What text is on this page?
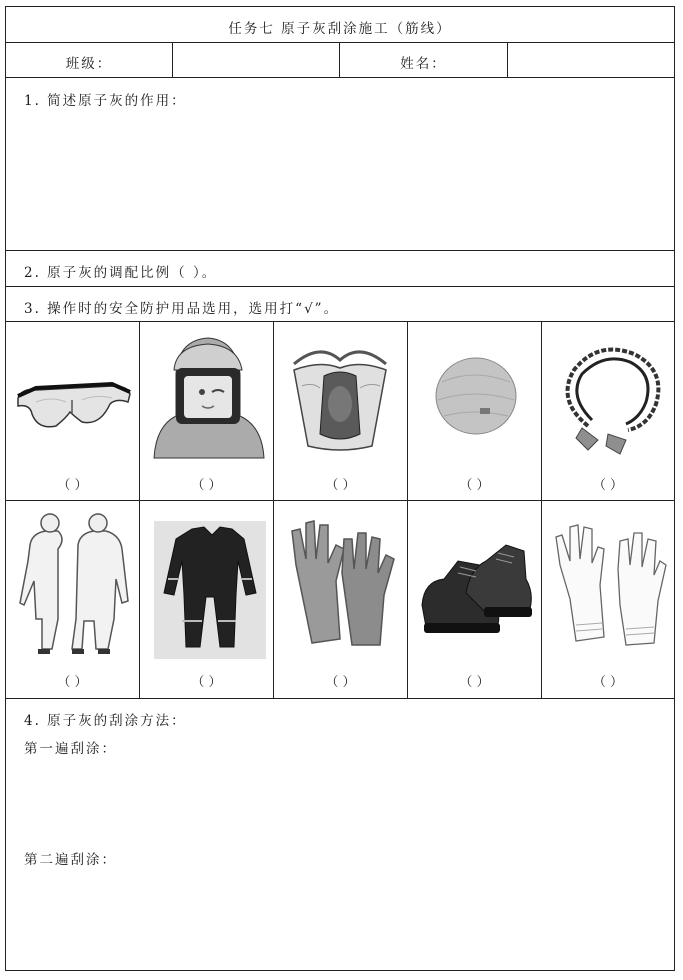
任务七 原子灰刮涂施工（筋线）
班级：	姓名：
1. 简述原子灰的作用：
2. 原子灰的调配比例（ ）。
3. 操作时的安全防护用品选用，选用打“√”。
（ ）	（ ）	（ ）	（ ）	（ ）
（ ）	（ ）	（ ）	（ ）	（ ）
4. 原子灰的刮涂方法：
第一遍刮涂：
第二遍刮涂：
